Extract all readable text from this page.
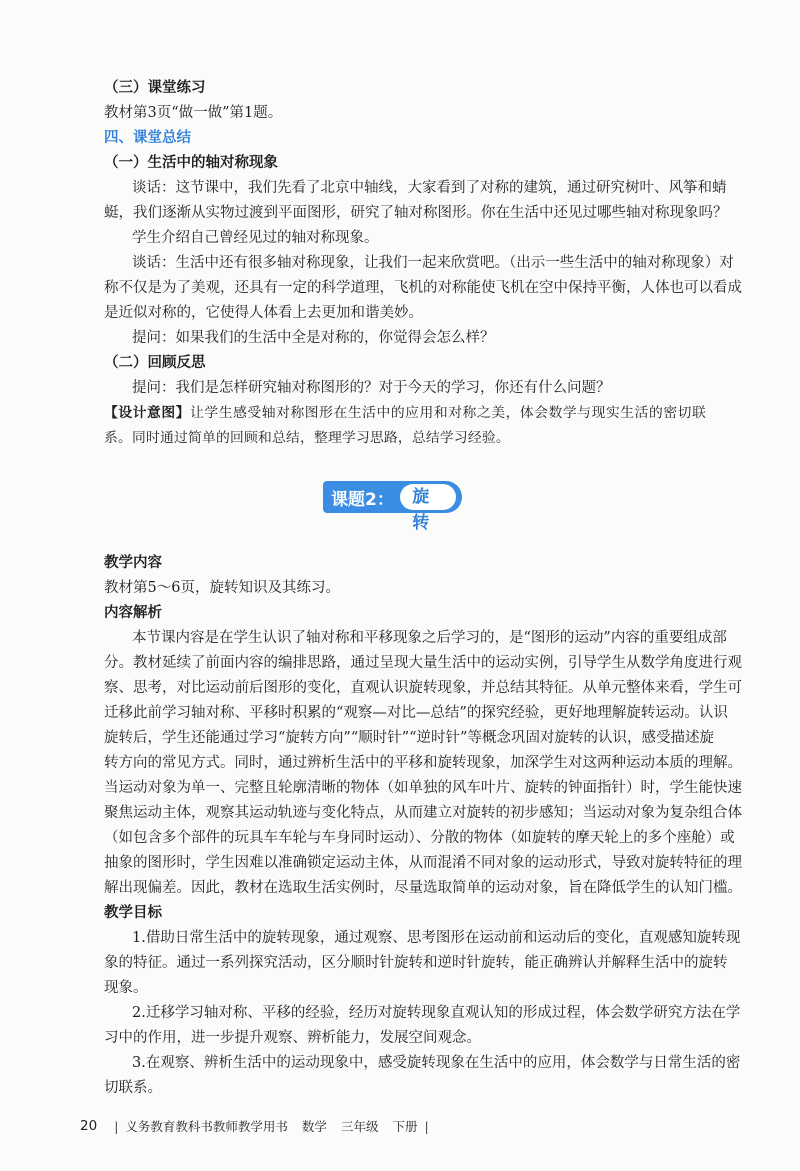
（三）课堂练习
教材第3页“做一做”第1题。
四、课堂总结
（一）生活中的轴对称现象
谈话：这节课中，我们先看了北京中轴线，大家看到了对称的建筑，通过研究树叶、风筝和蜻
蜓，我们逐渐从实物过渡到平面图形，研究了轴对称图形。你在生活中还见过哪些轴对称现象吗？
学生介绍自己曾经见过的轴对称现象。
谈话：生活中还有很多轴对称现象，让我们一起来欣赏吧。（出示一些生活中的轴对称现象）对
称不仅是为了美观，还具有一定的科学道理，飞机的对称能使飞机在空中保持平衡，人体也可以看成
是近似对称的，它使得人体看上去更加和谐美妙。
提问：如果我们的生活中全是对称的，你觉得会怎么样？
（二）回顾反思
提问：我们是怎样研究轴对称图形的？对于今天的学习，你还有什么问题？
【设计意图】让学生感受轴对称图形在生活中的应用和对称之美，体会数学与现实生活的密切联
系。同时通过简单的回顾和总结，整理学习思路，总结学习经验。
课题2：	旋转
教学内容
教材第5～6页，旋转知识及其练习。
内容解析
本节课内容是在学生认识了轴对称和平移现象之后学习的，是“图形的运动”内容的重要组成部
分。教材延续了前面内容的编排思路，通过呈现大量生活中的运动实例，引导学生从数学角度进行观
察、思考，对比运动前后图形的变化，直观认识旋转现象，并总结其特征。从单元整体来看，学生可
迁移此前学习轴对称、平移时积累的“观察—对比—总结”的探究经验，更好地理解旋转运动。认识
旋转后，学生还能通过学习“旋转方向”“顺时针”“逆时针”等概念巩固对旋转的认识，感受描述旋
转方向的常见方式。同时，通过辨析生活中的平移和旋转现象，加深学生对这两种运动本质的理解。
当运动对象为单一、完整且轮廓清晰的物体（如单独的风车叶片、旋转的钟面指针）时，学生能快速
聚焦运动主体，观察其运动轨迹与变化特点，从而建立对旋转的初步感知；当运动对象为复杂组合体
（如包含多个部件的玩具车车轮与车身同时运动）、分散的物体（如旋转的摩天轮上的多个座舱）或
抽象的图形时，学生因难以准确锁定运动主体，从而混淆不同对象的运动形式，导致对旋转特征的理
解出现偏差。因此，教材在选取生活实例时，尽量选取简单的运动对象，旨在降低学生的认知门槛。
教学目标
1.借助日常生活中的旋转现象，通过观察、思考图形在运动前和运动后的变化，直观感知旋转现
象的特征。通过一系列探究活动，区分顺时针旋转和逆时针旋转，能正确辨认并解释生活中的旋转
现象。
2.迁移学习轴对称、平移的经验，经历对旋转现象直观认知的形成过程，体会数学研究方法在学
习中的作用，进一步提升观察、辨析能力，发展空间观念。
3.在观察、辨析生活中的运动现象中，感受旋转现象在生活中的应用，体会数学与日常生活的密
切联系。
20 | 义务教育教科书教师教学用书 数学 三年级 下册 |
